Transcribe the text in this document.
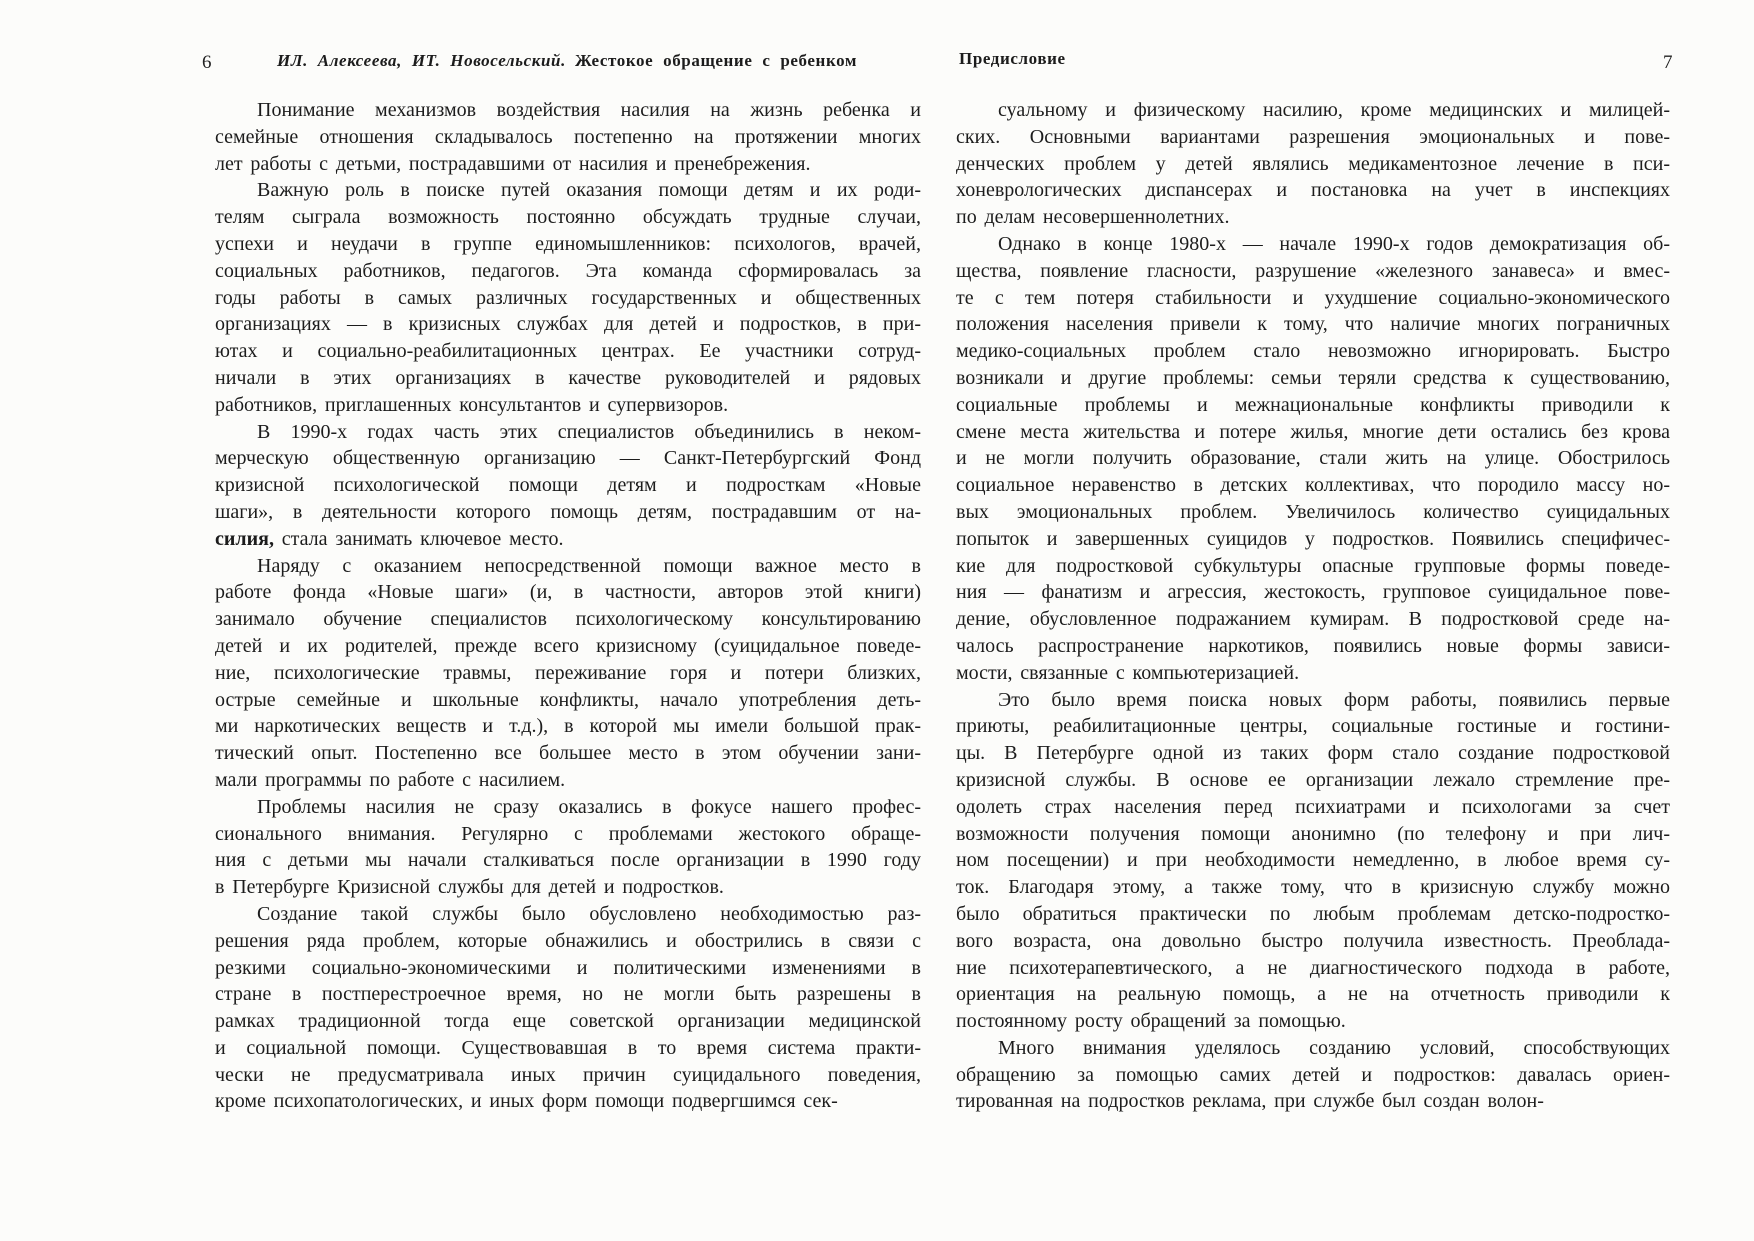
6	ИЛ. Алексеева, ИТ. Новосельский. Жестокое обращение с ребенком	Предисловие	7
Понимание механизмов воздействия насилия на жизнь ребенка и
семейные отношения складывалось постепенно на протяжении многих
лет работы с детьми, пострадавшими от насилия и пренебрежения.
Важную роль в поиске путей оказания помощи детям и их роди-
телям сыграла возможность постоянно обсуждать трудные случаи,
успехи и неудачи в группе единомышленников: психологов, врачей,
социальных работников, педагогов. Эта команда сформировалась за
годы работы в самых различных государственных и общественных
организациях — в кризисных службах для детей и подростков, в при-
ютах и социально-реабилитационных центрах. Ее участники сотруд-
ничали в этих организациях в качестве руководителей и рядовых
работников, приглашенных консультантов и супервизоров.
В 1990-х годах часть этих специалистов объединились в неком-
мерческую общественную организацию — Санкт-Петербургский Фонд
кризисной психологической помощи детям и подросткам «Новые
шаги», в деятельности которого помощь детям, пострадавшим от на-
силия, стала занимать ключевое место.
Наряду с оказанием непосредственной помощи важное место в
работе фонда «Новые шаги» (и, в частности, авторов этой книги)
занимало обучение специалистов психологическому консультированию
детей и их родителей, прежде всего кризисному (суицидальное поведе-
ние, психологические травмы, переживание горя и потери близких,
острые семейные и школьные конфликты, начало употребления деть-
ми наркотических веществ и т.д.), в которой мы имели большой прак-
тический опыт. Постепенно все большее место в этом обучении зани-
мали программы по работе с насилием.
Проблемы насилия не сразу оказались в фокусе нашего профес-
сионального внимания. Регулярно с проблемами жестокого обраще-
ния с детьми мы начали сталкиваться после организации в 1990 году
в Петербурге Кризисной службы для детей и подростков.
Создание такой службы было обусловлено необходимостью раз-
решения ряда проблем, которые обнажились и обострились в связи с
резкими социально-экономическими и политическими изменениями в
стране в постперестроечное время, но не могли быть разрешены в
рамках традиционной тогда еще советской организации медицинской
и социальной помощи. Существовавшая в то время система практи-
чески не предусматривала иных причин суицидального поведения,
кроме психопатологических, и иных форм помощи подвергшимся сек-
суальному и физическому насилию, кроме медицинских и милицей-
ских. Основными вариантами разрешения эмоциональных и пове-
денческих проблем у детей являлись медикаментозное лечение в пси-
хоневрологических диспансерах и постановка на учет в инспекциях
по делам несовершеннолетних.
Однако в конце 1980-х — начале 1990-х годов демократизация об-
щества, появление гласности, разрушение «железного занавеса» и вмес-
те с тем потеря стабильности и ухудшение социально-экономического
положения населения привели к тому, что наличие многих пограничных
медико-социальных проблем стало невозможно игнорировать. Быстро
возникали и другие проблемы: семьи теряли средства к существованию,
социальные проблемы и межнациональные конфликты приводили к
смене места жительства и потере жилья, многие дети остались без крова
и не могли получить образование, стали жить на улице. Обострилось
социальное неравенство в детских коллективах, что породило массу но-
вых эмоциональных проблем. Увеличилось количество суицидальных
попыток и завершенных суицидов у подростков. Появились специфичес-
кие для подростковой субкультуры опасные групповые формы поведе-
ния — фанатизм и агрессия, жестокость, групповое суицидальное пове-
дение, обусловленное подражанием кумирам. В подростковой среде на-
чалось распространение наркотиков, появились новые формы зависи-
мости, связанные с компьютеризацией.
Это было время поиска новых форм работы, появились первые
приюты, реабилитационные центры, социальные гостиные и гостини-
цы. В Петербурге одной из таких форм стало создание подростковой
кризисной службы. В основе ее организации лежало стремление пре-
одолеть страх населения перед психиатрами и психологами за счет
возможности получения помощи анонимно (по телефону и при лич-
ном посещении) и при необходимости немедленно, в любое время су-
ток. Благодаря этому, а также тому, что в кризисную службу можно
было обратиться практически по любым проблемам детско-подростко-
вого возраста, она довольно быстро получила известность. Преоблада-
ние психотерапевтического, а не диагностического подхода в работе,
ориентация на реальную помощь, а не на отчетность приводили к
постоянному росту обращений за помощью.
Много внимания уделялось созданию условий, способствующих
обращению за помощью самих детей и подростков: давалась ориен-
тированная на подростков реклама, при службе был создан волон-
